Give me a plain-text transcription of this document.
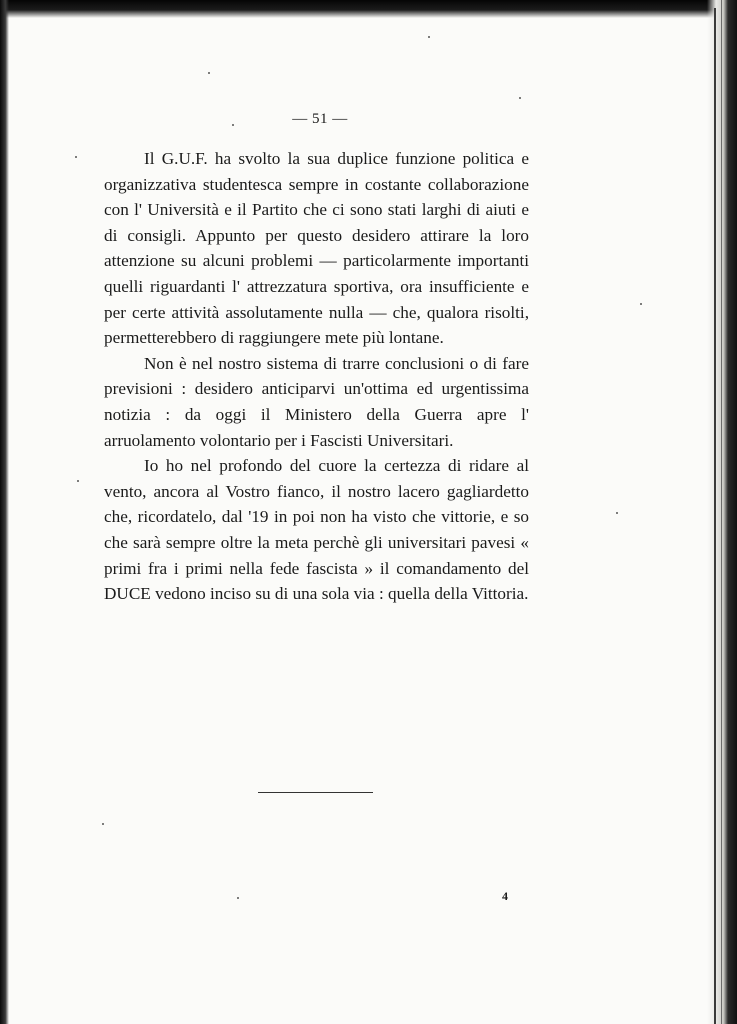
— 51 —

Il G.U.F. ha svolto la sua duplice funzione politica e organizzativa studentesca sempre in costante collaborazione con l' Università e il Partito che ci sono stati larghi di aiuti e di consigli. Appunto per questo desidero attirare la loro attenzione su alcuni problemi — particolarmente importanti quelli riguardanti l' attrezzatura sportiva, ora insufficiente e per certe attività assolutamente nulla — che, qualora risolti, permetterebbero di raggiungere mete più lontane.

Non è nel nostro sistema di trarre conclusioni o di fare previsioni : desidero anticiparvi un'ottima ed urgentissima notizia : da oggi il Ministero della Guerra apre l' arruolamento volontario per i Fascisti Universitari.

Io ho nel profondo del cuore la certezza di ridare al vento, ancora al Vostro fianco, il nostro lacero gagliardetto che, ricordatelo, dal '19 in poi non ha visto che vittorie, e so che sarà sempre oltre la meta perchè gli universitari pavesi « primi fra i primi nella fede fascista » il comandamento del DUCE vedono inciso su di una sola via : quella della Vittoria.

4
